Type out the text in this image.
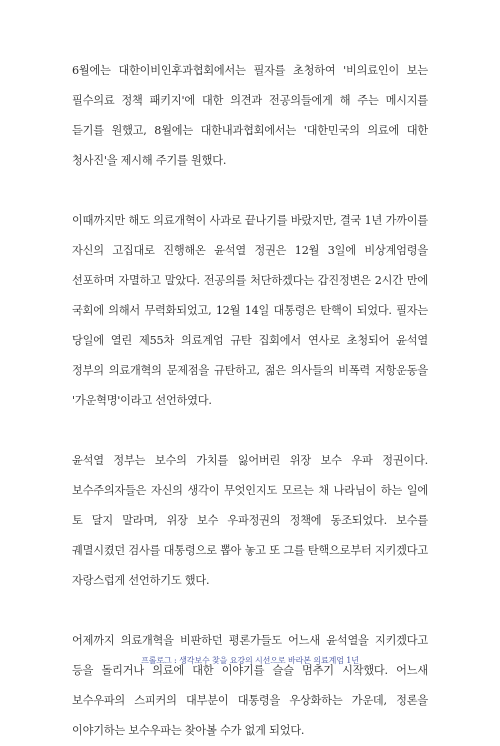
6월에는 대한이비인후과협회에서는 필자를 초청하여 '비의료인이 보는 필수의료 정책 패키지'에 대한 의견과 전공의들에게 해 주는 메시지를 듣기를 원했고, 8월에는 대한내과협회에서는 '대한민국의 의료에 대한 청사진'을 제시해 주기를 원했다.

이때까지만 해도 의료개혁이 사과로 끝나기를 바랐지만, 결국 1년 가까이를 자신의 고집대로 진행해온 윤석열 정권은 12월 3일에 비상계엄령을 선포하며 자멸하고 말았다. 전공의를 처단하겠다는 갑진정변은 2시간 만에 국회에 의해서 무력화되었고, 12월 14일 대통령은 탄핵이 되었다. 필자는 당일에 열린 제55차 의료계엄 규탄 집회에서 연사로 초청되어 윤석열 정부의 의료개혁의 문제점을 규탄하고, 젊은 의사들의 비폭력 저항운동을 '가운혁명'이라고 선언하였다.

윤석열 정부는 보수의 가치를 잃어버린 위장 보수 우파 정권이다. 보수주의자들은 자신의 생각이 무엇인지도 모르는 채 나라님이 하는 일에 토 달지 말라며, 위장 보수 우파정권의 정책에 동조되었다. 보수를 궤멸시켰던 검사를 대통령으로 뽑아 놓고 또 그를 탄핵으로부터 지키겠다고 자랑스럽게 선언하기도 했다.

어제까지 의료개혁을 비판하던 평론가들도 어느새 윤석열을 지키겠다고 등을 돌리거나 의료에 대한 이야기를 슬슬 멈추기 시작했다. 어느새 보수우파의 스피커의 대부분이 대통령을 우상화하는 가운데, 정론을 이야기하는 보수우파는 찾아볼 수가 없게 되었다.

프롤로그 : 생각보수 찾을 요강의 시선으로 바라본 의료계엄 1년
